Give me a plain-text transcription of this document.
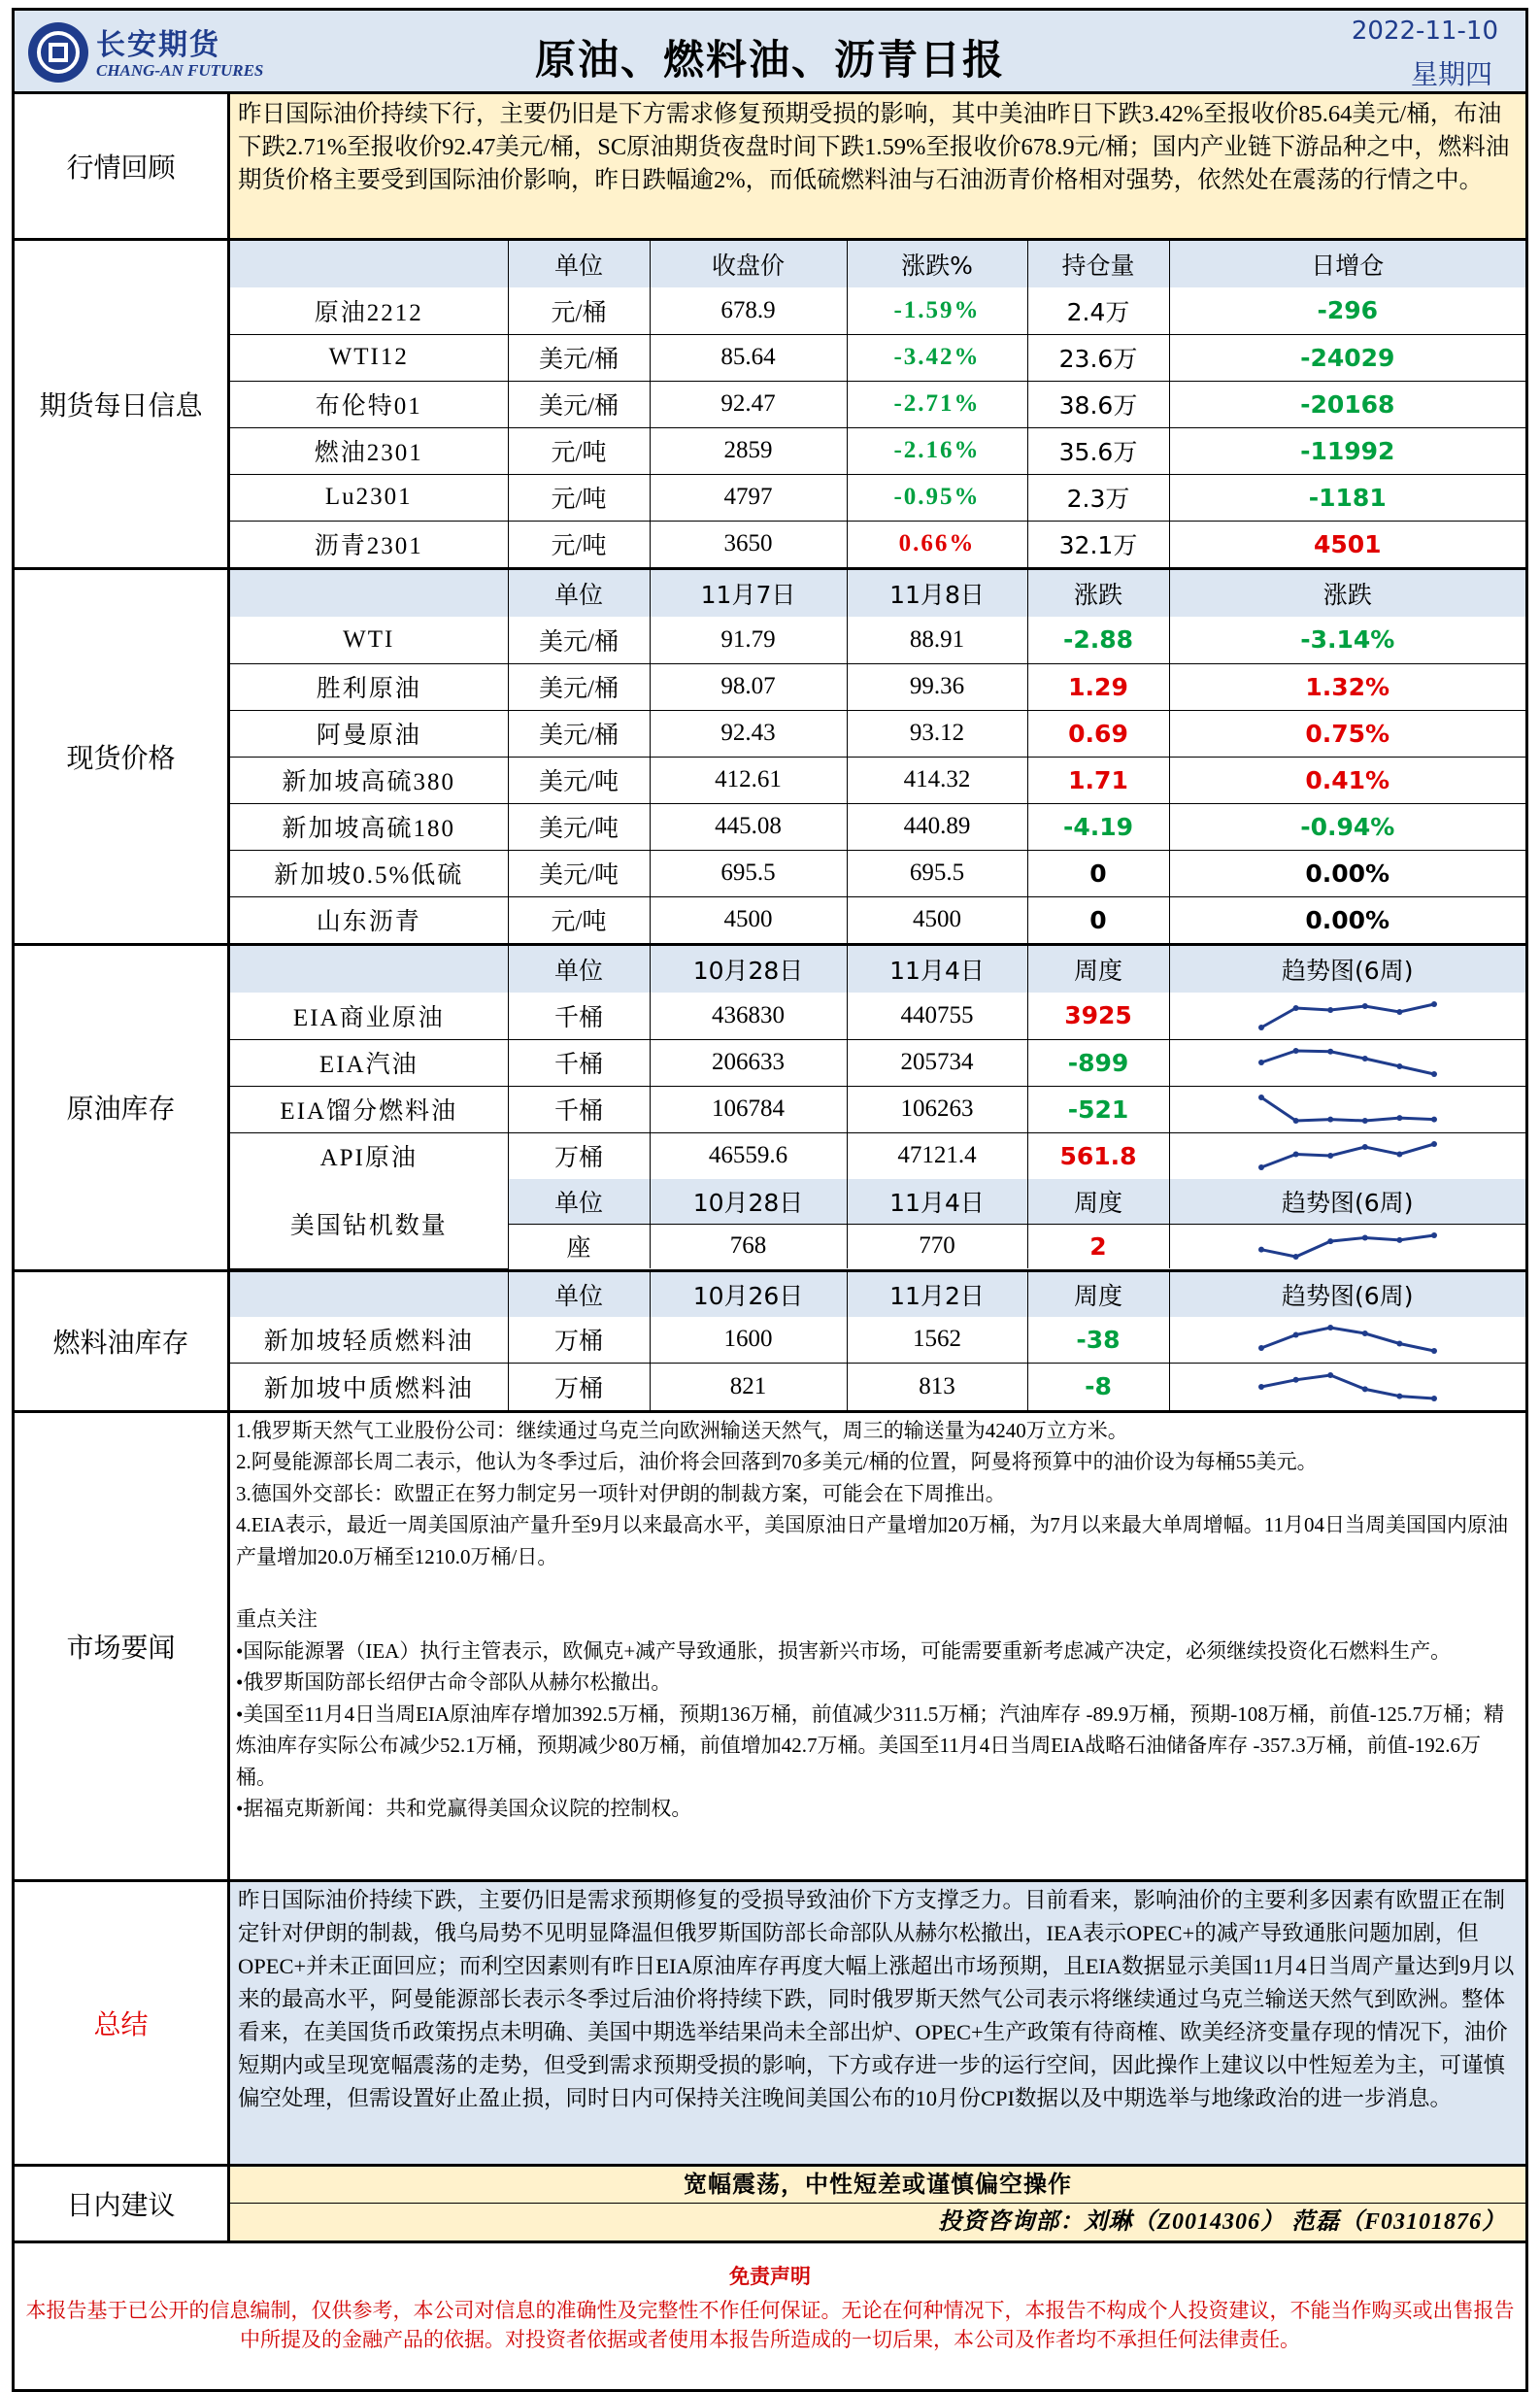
长安期货
CHANG-AN FUTURES	原油、燃料油、沥青日报
2022-11-10
星期四
行情回顾
昨日国际油价持续下行，主要仍旧是下方需求修复预期受损的影响，其中美油昨日下跌3.42%至报收价85.64美元/桶，布油下跌2.71%至报收价92.47美元/桶，SC原油期货夜盘时间下跌1.59%至报收价678.9元/桶；国内产业链下游品种之中，燃料油期货价格主要受到国际油价影响，昨日跌幅逾2%，而低硫燃料油与石油沥青价格相对强势，依然处在震荡的行情之中。
期货每日信息
	单位	收盘价	涨跌%	持仓量	日增仓
原油2212	元/桶	678.9	-1.59%	2.4万	-296
WTI12	美元/桶	85.64	-3.42%	23.6万	-24029
布伦特01	美元/桶	92.47	-2.71%	38.6万	-20168
燃油2301	元/吨	2859	-2.16%	35.6万	-11992
Lu2301	元/吨	4797	-0.95%	2.3万	-1181
沥青2301	元/吨	3650	0.66%	32.1万	4501
现货价格
	单位	11月7日	11月8日	涨跌	涨跌
WTI	美元/桶	91.79	88.91	-2.88	-3.14%
胜利原油	美元/桶	98.07	99.36	1.29	1.32%
阿曼原油	美元/桶	92.43	93.12	0.69	0.75%
新加坡高硫380	美元/吨	412.61	414.32	1.71	0.41%
新加坡高硫180	美元/吨	445.08	440.89	-4.19	-0.94%
新加坡0.5%低硫	美元/吨	695.5	695.5	0	0.00%
山东沥青	元/吨	4500	4500	0	0.00%
原油库存
	单位	10月28日	11月4日	周度	趋势图(6周)
EIA商业原油	千桶	436830	440755	3925	

EIA汽油	千桶	206633	205734	-899	

EIA馏分燃料油	千桶	106784	106263	-521	

API原油	万桶	46559.6	47121.4	561.8	

美国钻机数量	单位	10月28日	11月4日	周度	趋势图(6周)
	座	768	770	2	
燃料油库存
	单位	10月26日	11月2日	周度	趋势图(6周)
新加坡轻质燃料油	万桶	1600	1562	-38	

新加坡中质燃料油	万桶	821	813	-8	
市场要闻

1.俄罗斯天然气工业股份公司：继续通过乌克兰向欧洲输送天然气，周三的输送量为4240万立方米。

2.阿曼能源部长周二表示，他认为冬季过后，油价将会回落到70多美元/桶的位置，阿曼将预算中的油价设为每桶55美元。

3.德国外交部长：欧盟正在努力制定另一项针对伊朗的制裁方案，可能会在下周推出。

4.EIA表示，最近一周美国原油产量升至9月以来最高水平，美国原油日产量增加20万桶，为7月以来最大单周增幅。11月04日当周美国国内原油产量增加20.0万桶至1210.0万桶/日。

重点关注

•国际能源署（IEA）执行主管表示，欧佩克+减产导致通胀，损害新兴市场，可能需要重新考虑减产决定，必须继续投资化石燃料生产。

•俄罗斯国防部长绍伊古命令部队从赫尔松撤出。

•美国至11月4日当周EIA原油库存增加392.5万桶，预期136万桶，前值减少311.5万桶；汽油库存 -89.9万桶，预期-108万桶，前值-125.7万桶；精炼油库存实际公布减少52.1万桶，预期减少80万桶，前值增加42.7万桶。美国至11月4日当周EIA战略石油储备库存 -357.3万桶，前值-192.6万桶。

•据福克斯新闻：共和党赢得美国众议院的控制权。

总结
昨日国际油价持续下跌，主要仍旧是需求预期修复的受损导致油价下方支撑乏力。目前看来，影响油价的主要利多因素有欧盟正在制定针对伊朗的制裁，俄乌局势不见明显降温但俄罗斯国防部长命部队从赫尔松撤出，IEA表示OPEC+的减产导致通胀问题加剧，但OPEC+并未正面回应；而利空因素则有昨日EIA原油库存再度大幅上涨超出市场预期，且EIA数据显示美国11月4日当周产量达到9月以来的最高水平，阿曼能源部长表示冬季过后油价将持续下跌，同时俄罗斯天然气公司表示将继续通过乌克兰输送天然气到欧洲。整体看来，在美国货币政策拐点未明确、美国中期选举结果尚未全部出炉、OPEC+生产政策有待商榷、欧美经济变量存现的情况下，油价短期内或呈现宽幅震荡的走势，但受到需求预期受损的影响，下方或存进一步的运行空间，因此操作上建议以中性短差为主，可谨慎偏空处理，但需设置好止盈止损，同时日内可保持关注晚间美国公布的10月份CPI数据以及中期选举与地缘政治的进一步消息。
日内建议
宽幅震荡，中性短差或谨慎偏空操作
投资咨询部：刘琳（Z0014306） 范磊（F03101876）
免责声明
本报告基于已公开的信息编制，仅供参考，本公司对信息的准确性及完整性不作任何保证。无论在何种情况下，本报告不构成个人投资建议，不能当作购买或出售报告中所提及的金融产品的依据。对投资者依据或者使用本报告所造成的一切后果，本公司及作者均不承担任何法律责任。
